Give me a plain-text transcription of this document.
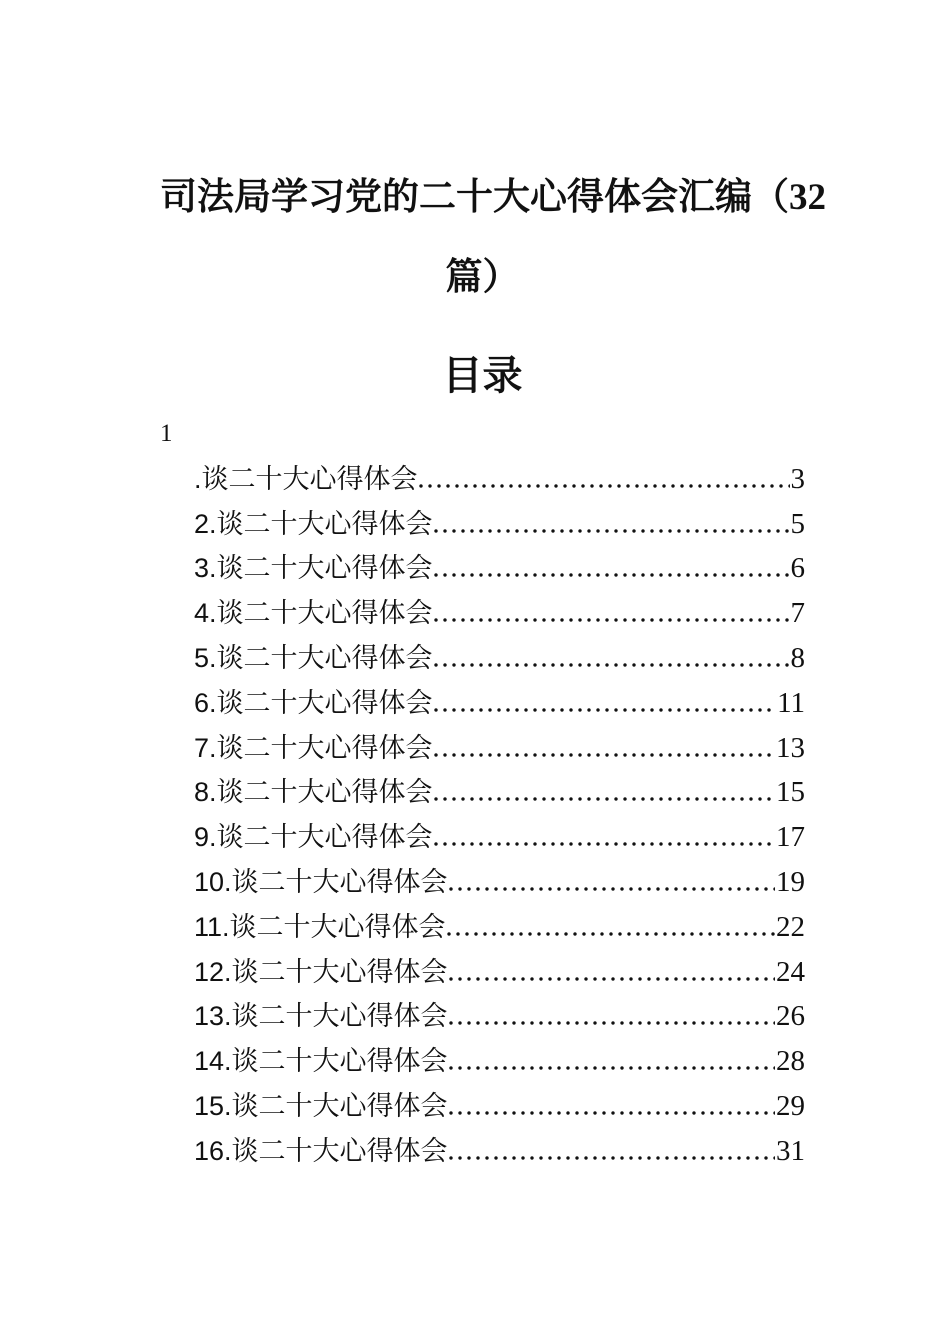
司法局学习党的二十大心得体会汇编（32
篇）
目录
1
.谈二十大心得体会	3
2.谈二十大心得体会	5
3.谈二十大心得体会	6
4.谈二十大心得体会	7
5.谈二十大心得体会	8
6.谈二十大心得体会	11
7.谈二十大心得体会	13
8.谈二十大心得体会	15
9.谈二十大心得体会	17
10.谈二十大心得体会	19
11.谈二十大心得体会	22
12.谈二十大心得体会	24
13.谈二十大心得体会	26
14.谈二十大心得体会	28
15.谈二十大心得体会	29
16.谈二十大心得体会	31
